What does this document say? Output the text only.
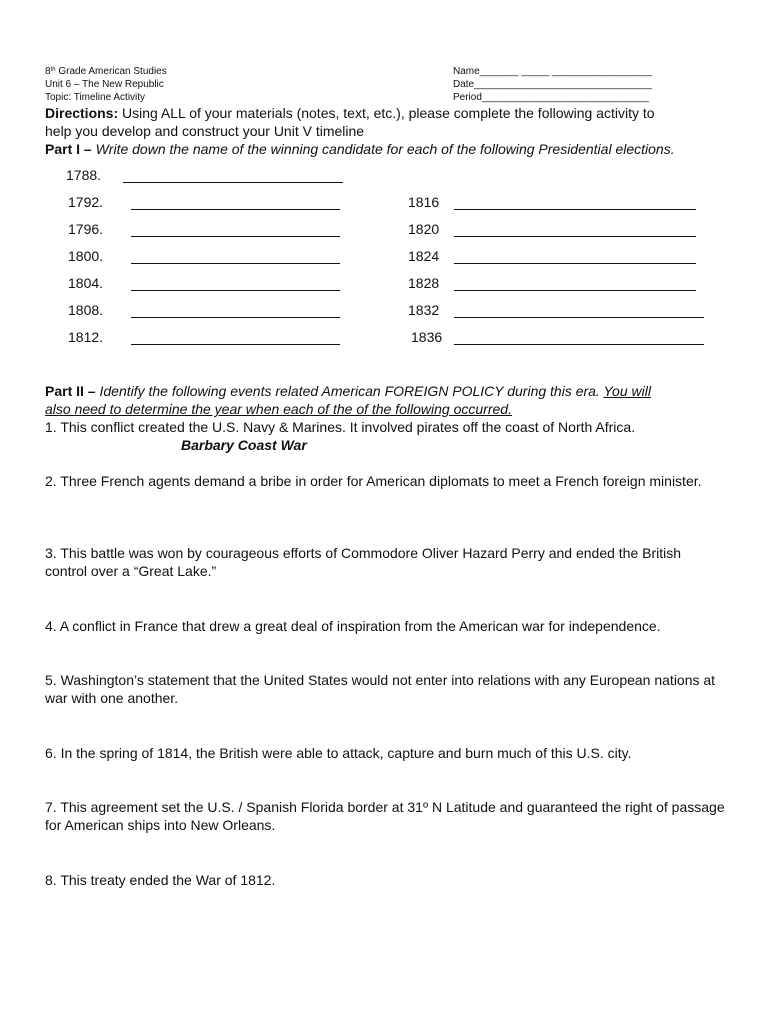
8th Grade American Studies
Unit 6 – The New Republic
Topic: Timeline Activity
Name_______ _____ __________________
Date________________________________
Period______________________________
Directions: Using ALL of your materials (notes, text, etc.), please complete the following activity to
help you develop and construct your Unit V timeline
Part I – Write down the name of the winning candidate for each of the following Presidential elections.
1788.
1792.
1796.
1800.
1804.
1808.
1812.
1816
1820
1824
1828
1832
1836
Part II – Identify the following events related American FOREIGN POLICY during this era. You will
also need to determine the year when each of the of the following occurred.
1. This conflict created the U.S. Navy & Marines. It involved pirates off the coast of North Africa.
Barbary Coast War
2. Three French agents demand a bribe in order for American diplomats to meet a French foreign minister.
3. This battle was won by courageous efforts of Commodore Oliver Hazard Perry and ended the British control over a “Great Lake.”
4. A conflict in France that drew a great deal of inspiration from the American war for independence.
5. Washington’s statement that the United States would not enter into relations with any European nations at war with one another.
6. In the spring of 1814, the British were able to attack, capture and burn much of this U.S. city.
7. This agreement set the U.S. / Spanish Florida border at 31º N Latitude and guaranteed the right of passage for American ships into New Orleans.
8. This treaty ended the War of 1812.
